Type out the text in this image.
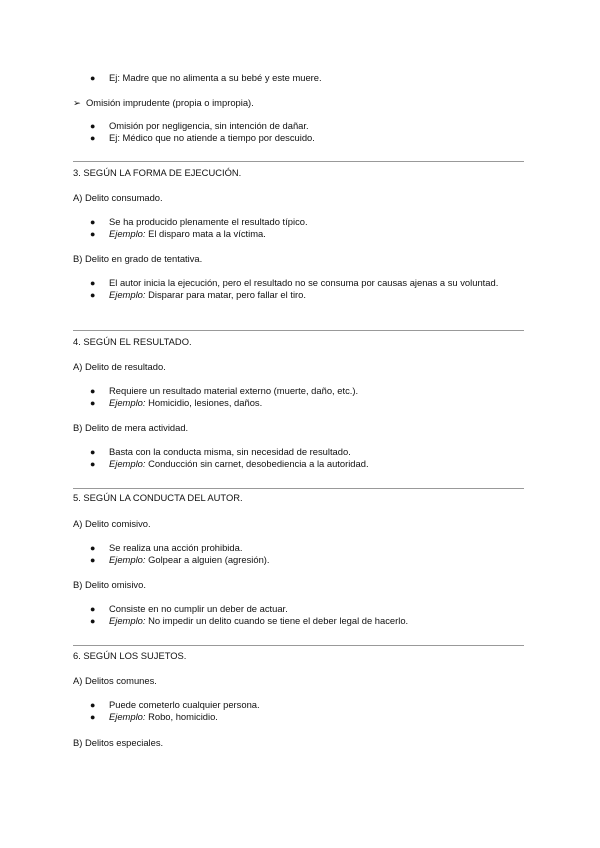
● Ej: Madre que no alimenta a su bebé y este muere.
➢ Omisión imprudente (propia o impropia).
● Omisión por negligencia, sin intención de dañar.
● Ej: Médico que no atiende a tiempo por descuido.
3. SEGÚN LA FORMA DE EJECUCIÓN.
A) Delito consumado.
● Se ha producido plenamente el resultado típico.
● Ejemplo: El disparo mata a la víctima.
B) Delito en grado de tentativa.
● El autor inicia la ejecución, pero el resultado no se consuma por causas ajenas a su voluntad.
● Ejemplo: Disparar para matar, pero fallar el tiro.
4. SEGÚN EL RESULTADO.
A) Delito de resultado.
● Requiere un resultado material externo (muerte, daño, etc.).
● Ejemplo: Homicidio, lesiones, daños.
B) Delito de mera actividad.
● Basta con la conducta misma, sin necesidad de resultado.
● Ejemplo: Conducción sin carnet, desobediencia a la autoridad.
5. SEGÚN LA CONDUCTA DEL AUTOR.
A) Delito comisivo.
● Se realiza una acción prohibida.
● Ejemplo: Golpear a alguien (agresión).
B) Delito omisivo.
● Consiste en no cumplir un deber de actuar.
● Ejemplo: No impedir un delito cuando se tiene el deber legal de hacerlo.
6. SEGÚN LOS SUJETOS.
A) Delitos comunes.
● Puede cometerlo cualquier persona.
● Ejemplo: Robo, homicidio.
B) Delitos especiales.
